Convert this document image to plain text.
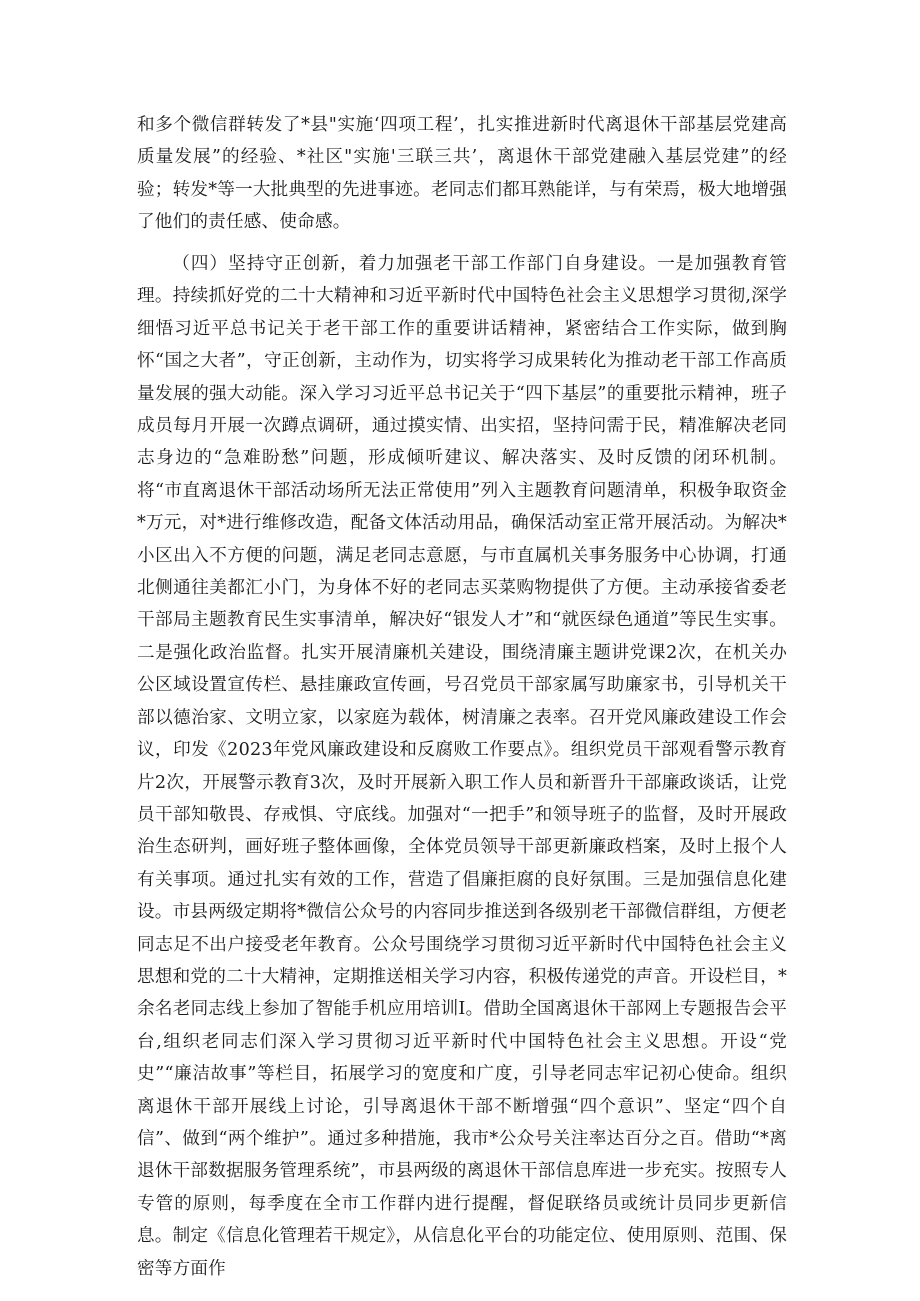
和多个微信群转发了*县"实施‘四项工程’，扎实推进新时代离退休干部基层党建高质量发展”的经验、*社区"实施'三联三共’，离退休干部党建融入基层党建”的经验；转发*等一大批典型的先进事迹。老同志们都耳熟能详，与有荣焉，极大地增强了他们的责任感、使命感。

（四）坚持守正创新，着力加强老干部工作部门自身建设。一是加强教育管理。持续抓好党的二十大精神和习近平新时代中国特色社会主义思想学习贯彻,深学细悟习近平总书记关于老干部工作的重要讲话精神，紧密结合工作实际，做到胸怀“国之大者”，守正创新，主动作为，切实将学习成果转化为推动老干部工作高质量发展的强大动能。深入学习习近平总书记关于“四下基层”的重要批示精神，班子成员每月开展一次蹲点调研，通过摸实情、出实招，坚持问需于民，精准解决老同志身边的“急难盼愁”问题，形成倾听建议、解决落实、及时反馈的闭环机制。将“市直离退休干部活动场所无法正常使用”列入主题教育问题清单，积极争取资金*万元，对*进行维修改造，配备文体活动用品，确保活动室正常开展活动。为解决*小区出入不方便的问题，满足老同志意愿，与市直属机关事务服务中心协调，打通北侧通往美都汇小门，为身体不好的老同志买菜购物提供了方便。主动承接省委老干部局主题教育民生实事清单，解决好“银发人才”和“就医绿色通道”等民生实事。二是强化政治监督。扎实开展清廉机关建设，围绕清廉主题讲党课2次，在机关办公区域设置宣传栏、悬挂廉政宣传画，号召党员干部家属写助廉家书，引导机关干部以德治家、文明立家，以家庭为载体，树清廉之表率。召开党风廉政建设工作会议，印发《2023年党风廉政建设和反腐败工作要点》。组织党员干部观看警示教育片2次，开展警示教育3次，及时开展新入职工作人员和新晋升干部廉政谈话，让党员干部知敬畏、存戒惧、守底线。加强对“一把手”和领导班子的监督，及时开展政治生态研判，画好班子整体画像，全体党员领导干部更新廉政档案，及时上报个人有关事项。通过扎实有效的工作，营造了倡廉拒腐的良好氛围。三是加强信息化建设。市县两级定期将*微信公众号的内容同步推送到各级别老干部微信群组，方便老同志足不出户接受老年教育。公众号围绕学习贯彻习近平新时代中国特色社会主义思想和党的二十大精神，定期推送相关学习内容，积极传递党的声音。开设栏目，*余名老同志线上参加了智能手机应用培训Ⅰ。借助全国离退休干部网上专题报告会平台,组织老同志们深入学习贯彻习近平新时代中国特色社会主义思想。开设“党史”“廉洁故事”等栏目，拓展学习的宽度和广度，引导老同志牢记初心使命。组织离退休干部开展线上讨论，引导离退休干部不断增强“四个意识”、坚定“四个自信”、做到“两个维护”。通过多种措施，我市*公众号关注率达百分之百。借助“*离退休干部数据服务管理系统”，市县两级的离退休干部信息库进一步充实。按照专人专管的原则，每季度在全市工作群内进行提醒，督促联络员或统计员同步更新信息。制定《信息化管理若干规定》，从信息化平台的功能定位、使用原则、范围、保密等方面作
